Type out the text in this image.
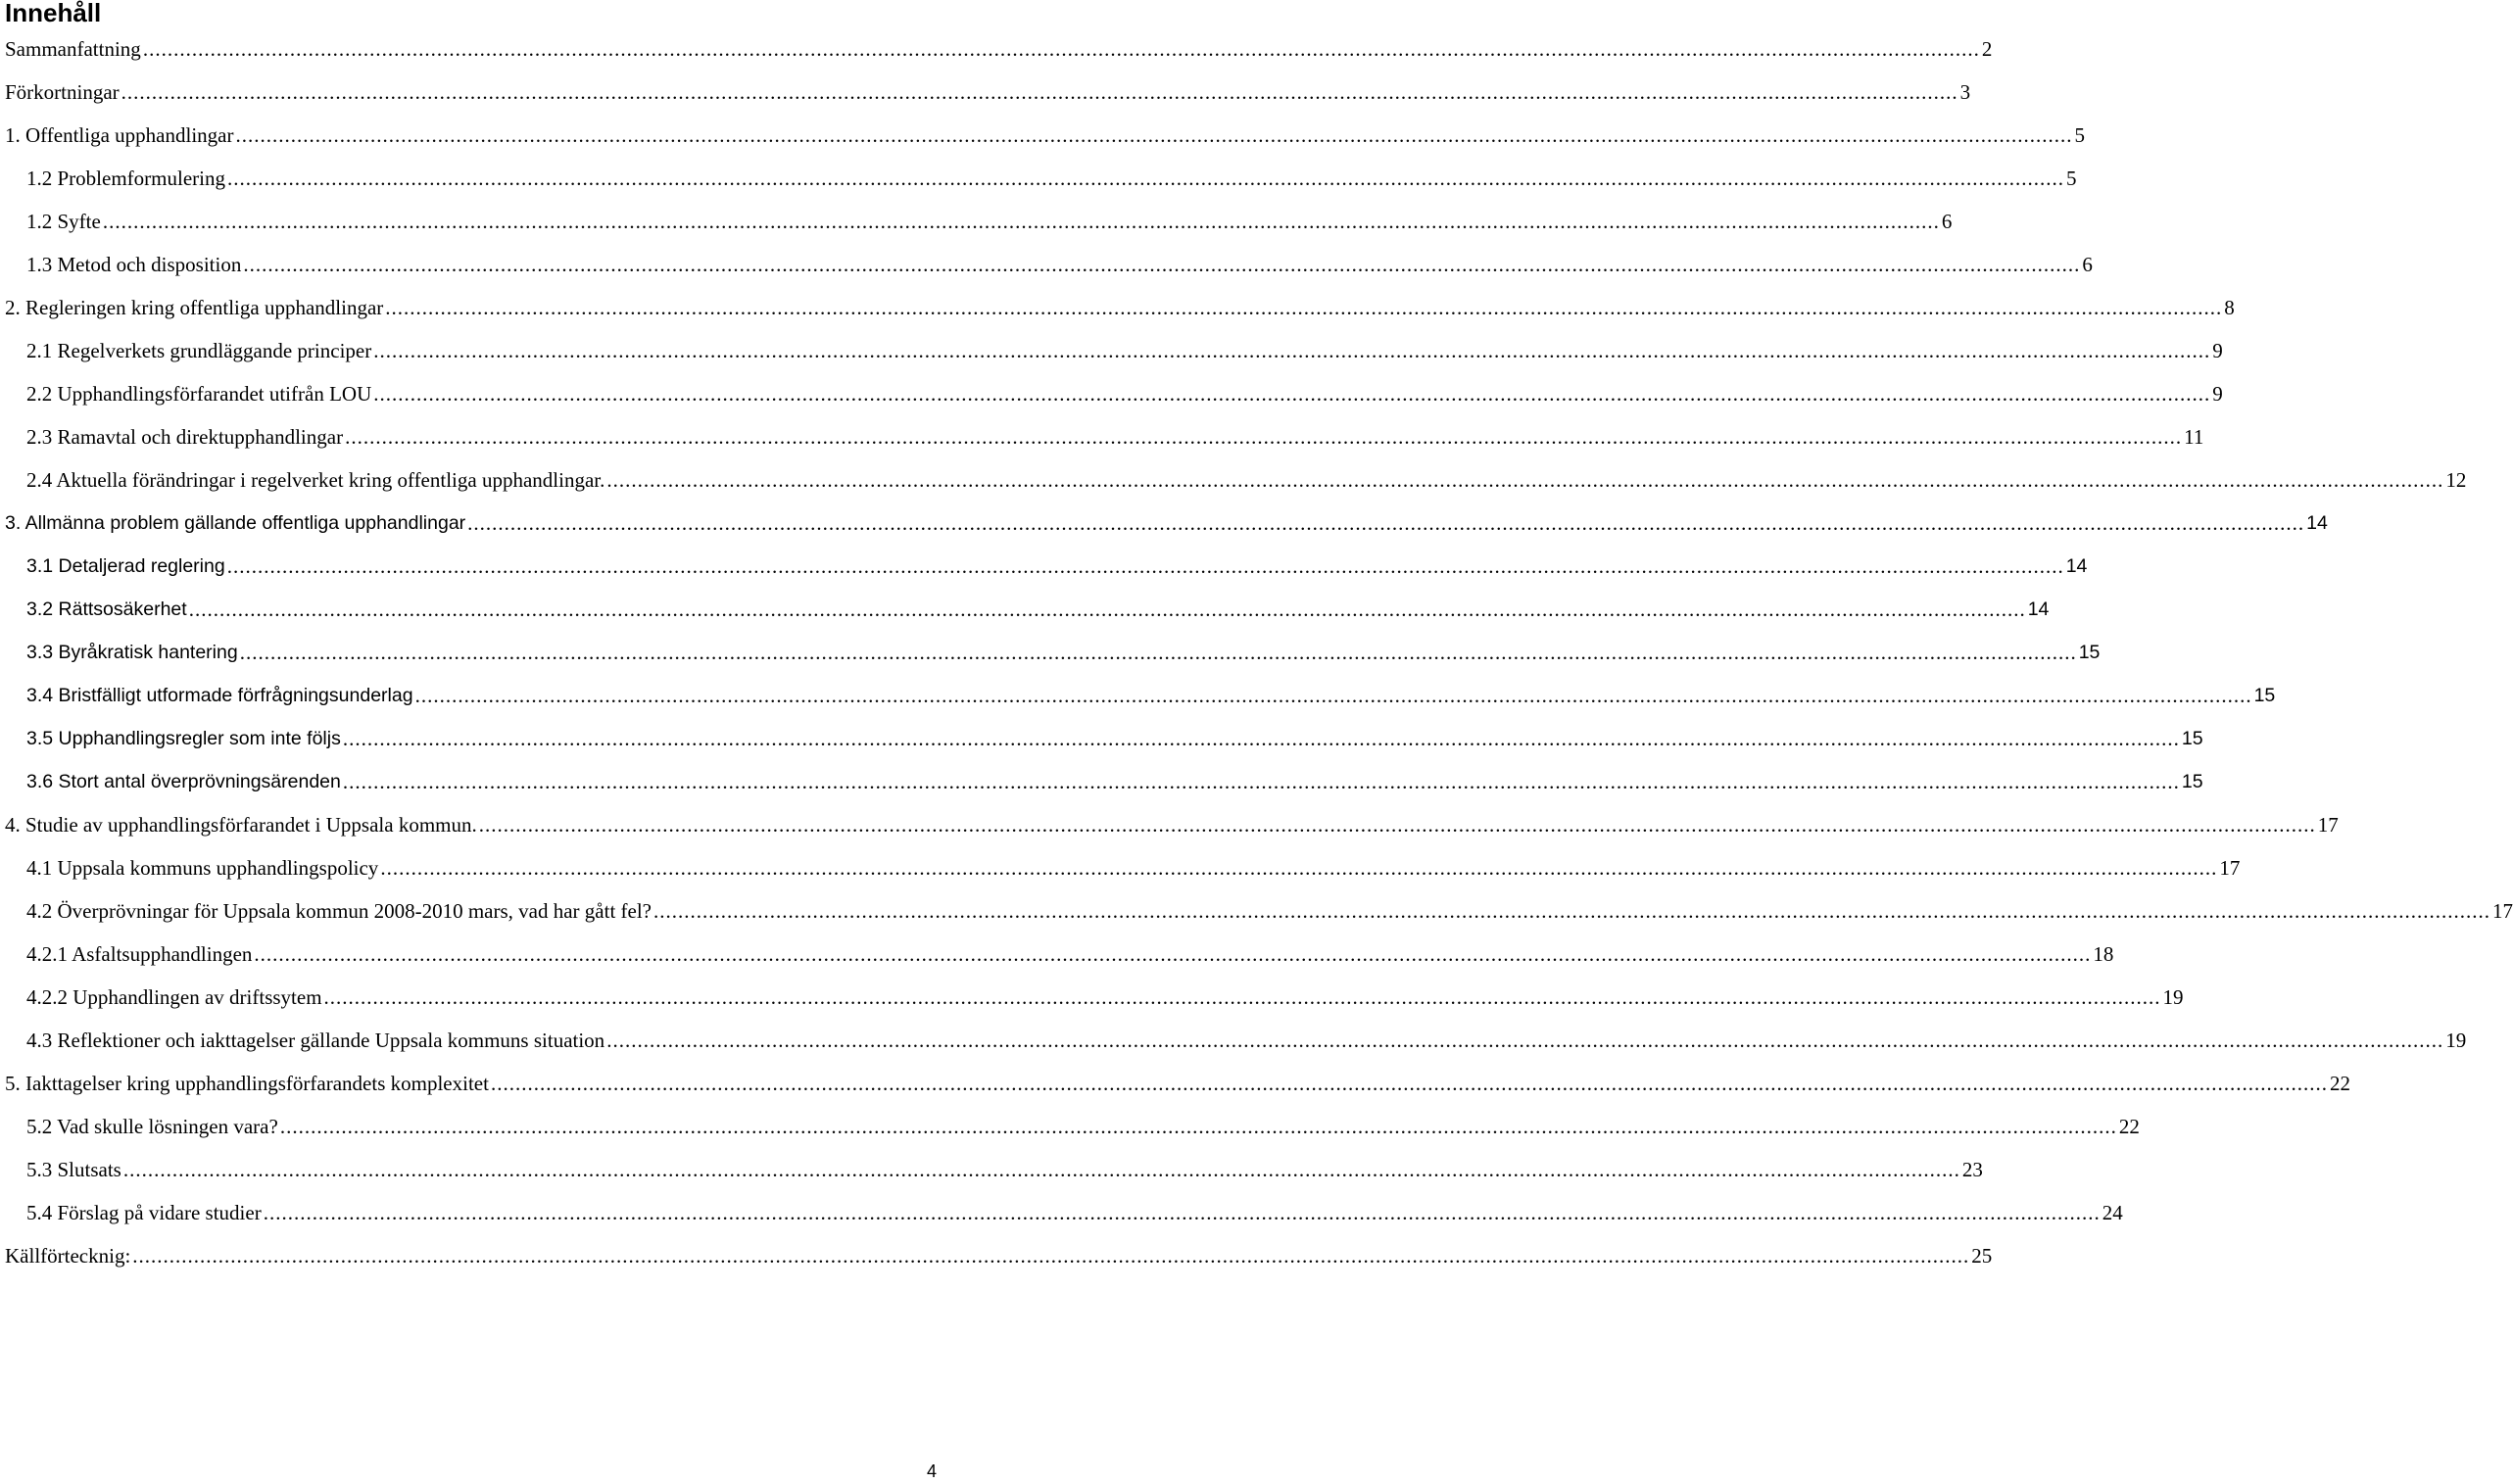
Innehåll
Sammanfattning ............................................................................................................................................................................................................................................................................................................ 2
Förkortningar ............................................................................................................................................................................................................................................................................................................ 3
1. Offentliga upphandlingar ............................................................................................................................................................................................................................................................................................................ 5
1.2 Problemformulering ............................................................................................................................................................................................................................................................................................................ 5
1.2 Syfte ............................................................................................................................................................................................................................................................................................................ 6
1.3 Metod och disposition ............................................................................................................................................................................................................................................................................................................ 6
2. Regleringen kring offentliga upphandlingar ............................................................................................................................................................................................................................................................................................................ 8
2.1 Regelverkets grundläggande principer ............................................................................................................................................................................................................................................................................................................ 9
2.2 Upphandlingsförfarandet utifrån LOU ............................................................................................................................................................................................................................................................................................................ 9
2.3 Ramavtal och direktupphandlingar ............................................................................................................................................................................................................................................................................................................ 11
2.4 Aktuella förändringar i regelverket kring offentliga upphandlingar. ............................................................................................................................................................................................................................................................................................................ 12
3. Allmänna problem gällande offentliga upphandlingar ............................................................................................................................................................................................................................................................................................................ 14
3.1 Detaljerad reglering ............................................................................................................................................................................................................................................................................................................ 14
3.2 Rättsosäkerhet ............................................................................................................................................................................................................................................................................................................ 14
3.3 Byråkratisk hantering ............................................................................................................................................................................................................................................................................................................ 15
3.4 Bristfälligt utformade förfrågningsunderlag ............................................................................................................................................................................................................................................................................................................ 15
3.5 Upphandlingsregler som inte följs ............................................................................................................................................................................................................................................................................................................ 15
3.6 Stort antal överprövningsärenden ............................................................................................................................................................................................................................................................................................................ 15
4. Studie av upphandlingsförfarandet i Uppsala kommun. ............................................................................................................................................................................................................................................................................................................ 17
4.1 Uppsala kommuns upphandlingspolicy ............................................................................................................................................................................................................................................................................................................ 17
4.2 Överprövningar för Uppsala kommun 2008-2010 mars, vad har gått fel? ............................................................................................................................................................................................................................................................................................................ 17
4.2.1 Asfaltsupphandlingen ............................................................................................................................................................................................................................................................................................................ 18
4.2.2 Upphandlingen av driftssytem ............................................................................................................................................................................................................................................................................................................ 19
4.3 Reflektioner och iakttagelser gällande Uppsala kommuns situation ............................................................................................................................................................................................................................................................................................................ 19
5. Iakttagelser kring upphandlingsförfarandets komplexitet ............................................................................................................................................................................................................................................................................................................ 22
5.2 Vad skulle lösningen vara? ............................................................................................................................................................................................................................................................................................................ 22
5.3 Slutsats ............................................................................................................................................................................................................................................................................................................ 23
5.4 Förslag på vidare studier ............................................................................................................................................................................................................................................................................................................ 24
Källförtecknig: ............................................................................................................................................................................................................................................................................................................ 25
4
